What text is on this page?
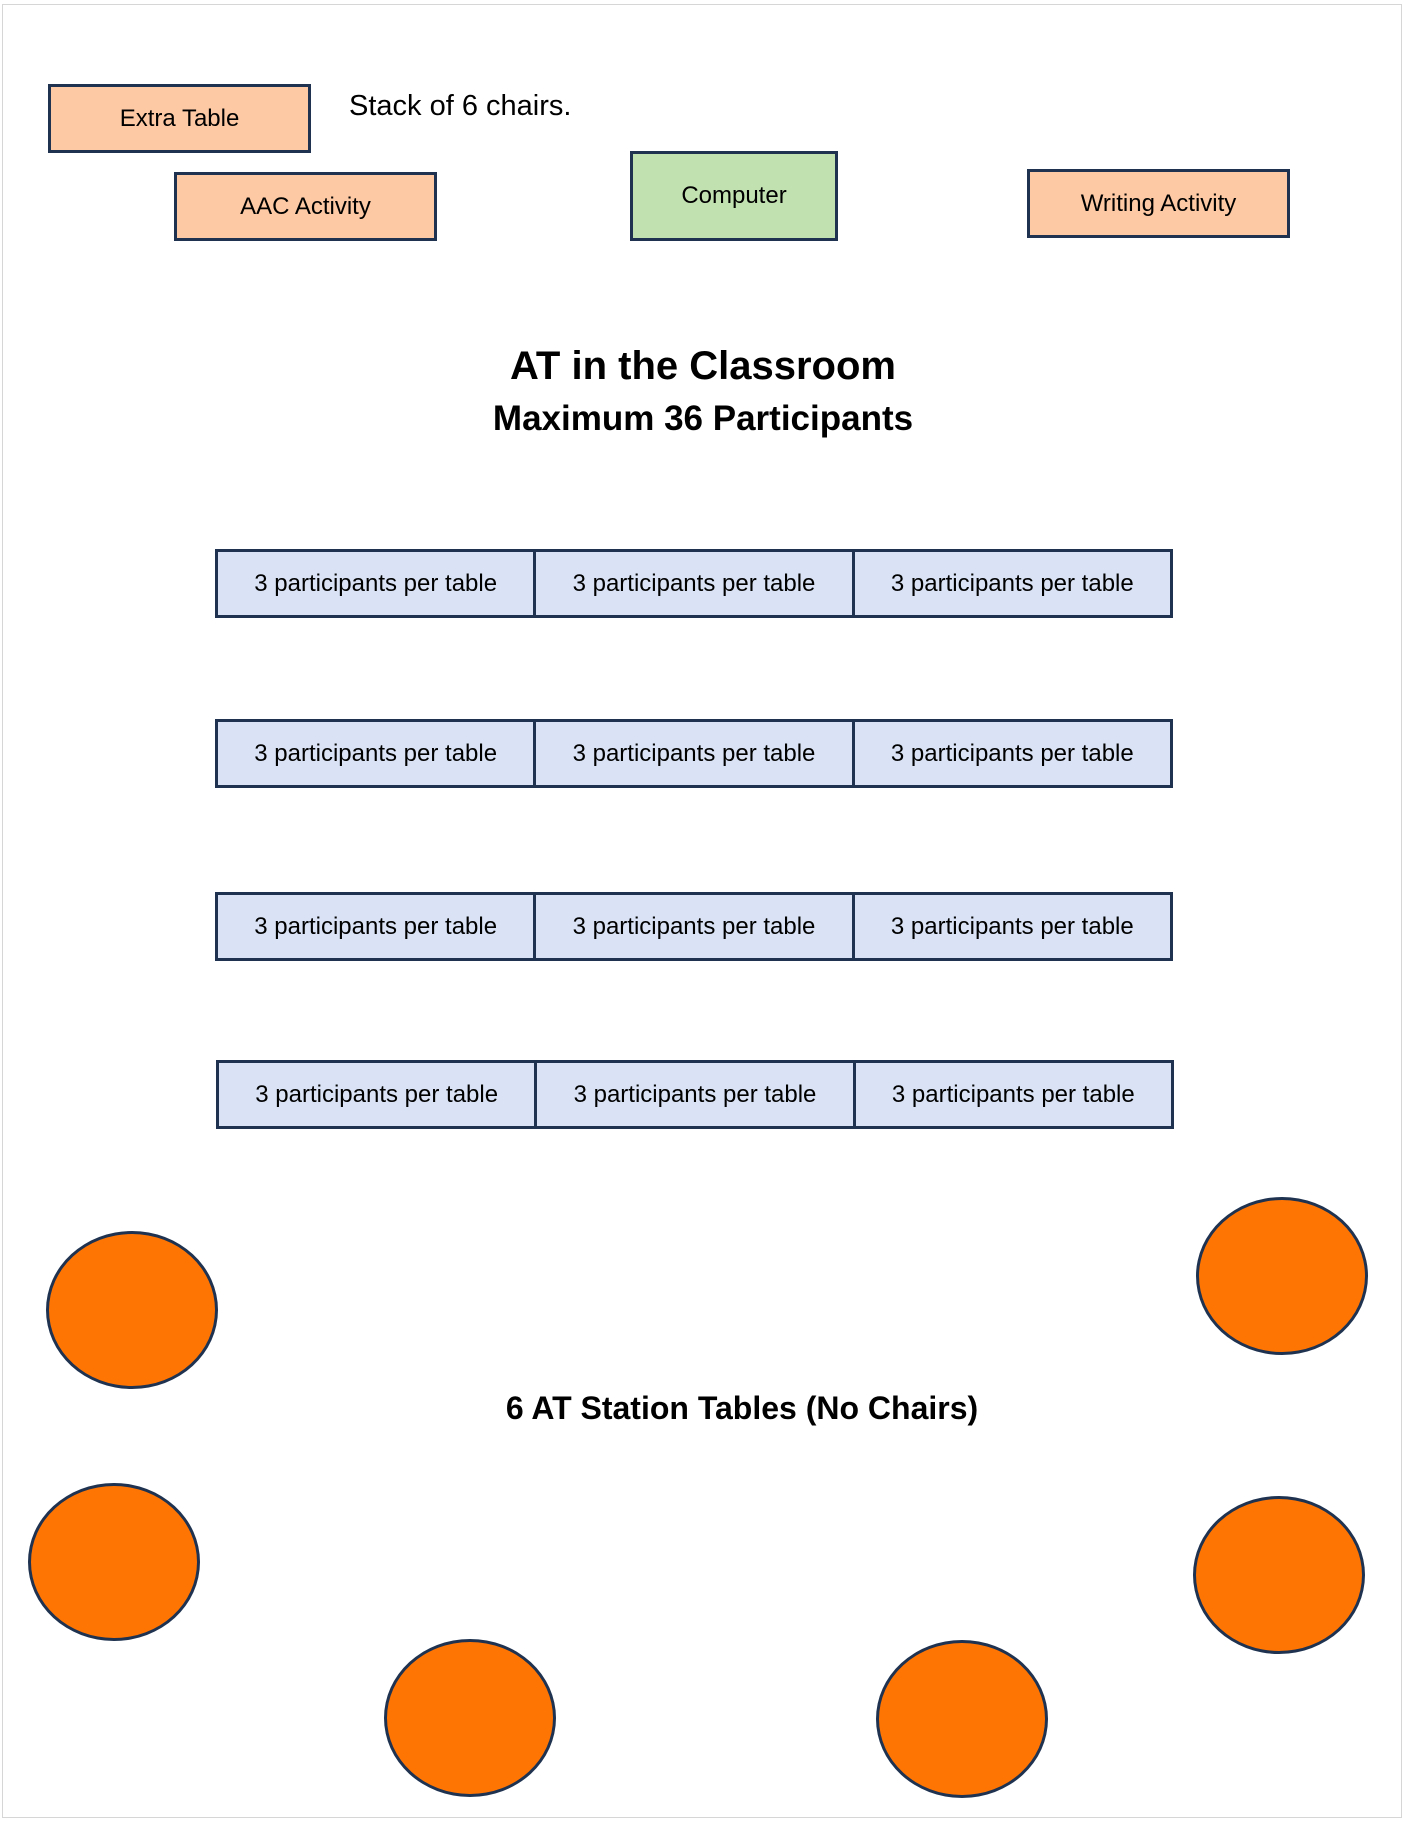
Extra Table	Stack of 6 chairs.
AAC Activity	Computer	Writing Activity
AT in the Classroom
Maximum 36 Participants
3 participants per table	3 participants per table	3 participants per table
3 participants per table	3 participants per table	3 participants per table
3 participants per table	3 participants per table	3 participants per table
3 participants per table	3 participants per table	3 participants per table
6 AT Station Tables (No Chairs)
